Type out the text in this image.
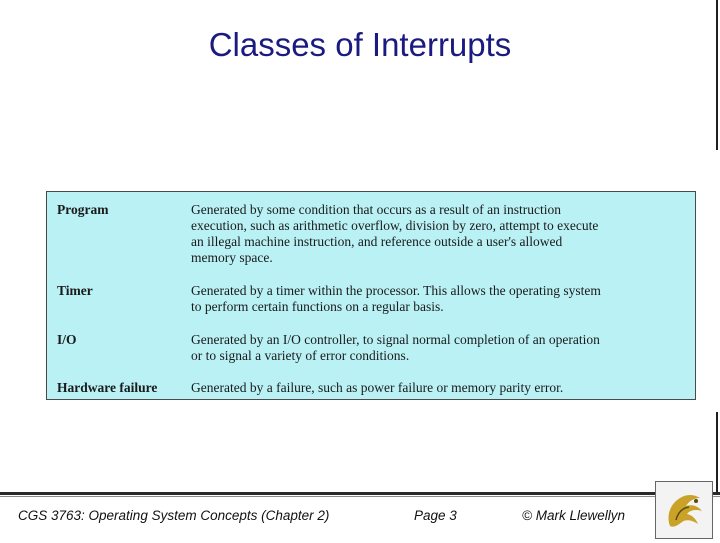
Classes of Interrupts
Program	Generated by some condition that occurs as a result of an instruction
execution, such as arithmetic overflow, division by zero, attempt to execute
an illegal machine instruction, and reference outside a user's allowed
memory space.
Timer	Generated by a timer within the processor. This allows the operating system
to perform certain functions on a regular basis.
I/O	Generated by an I/O controller, to signal normal completion of an operation
or to signal a variety of error conditions.
Hardware failure Generated by a failure, such as power failure or memory parity error.
CGS 3763: Operating System Concepts (Chapter 2)	Page 3	© Mark Llewellyn
